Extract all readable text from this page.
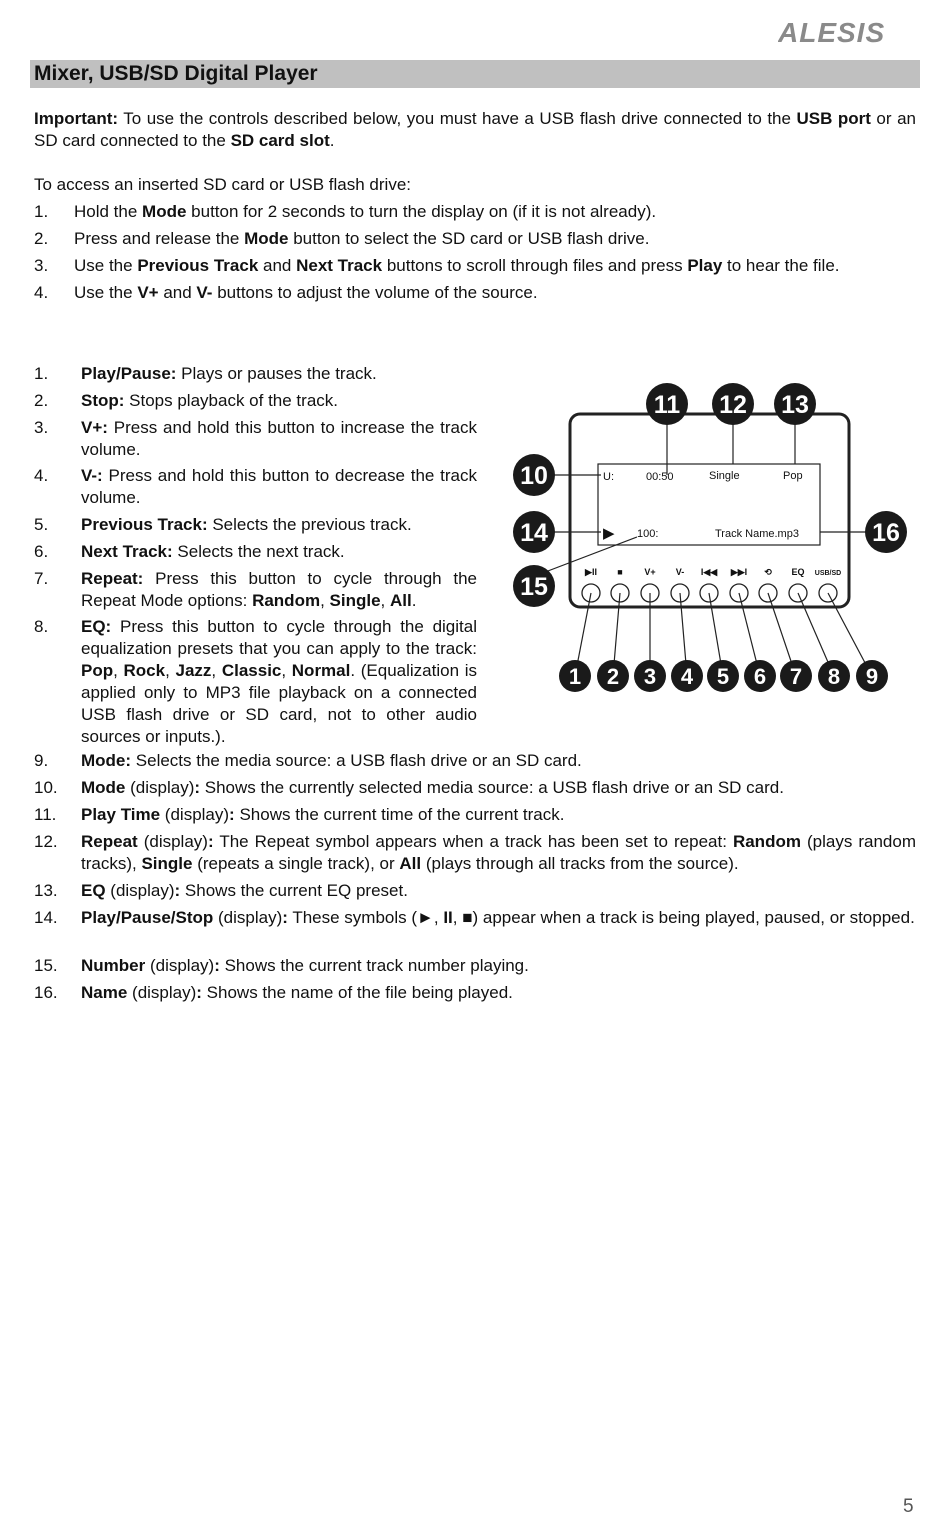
ALESIS
Mixer, USB/SD Digital Player
Important: To use the controls described below, you must have a USB flash drive connected to the USB port or an SD card connected to the SD card slot.
To access an inserted SD card or USB flash drive:
1.	Hold the Mode button for 2 seconds to turn the display on (if it is not already).
2.	Press and release the Mode button to select the SD card or USB flash drive.
3.	Use the Previous Track and Next Track buttons to scroll through files and press Play to hear the file.
4.	Use the V+ and V- buttons to adjust the volume of the source.
1.	Play/Pause: Plays or pauses the track.
2.	Stop: Stops playback of the track.
3.	V+: Press and hold this button to increase the track volume.
4.	V-: Press and hold this button to decrease the track volume.
5.	Previous Track: Selects the previous track.
6.	Next Track: Selects the next track.
7.	Repeat: Press this button to cycle through the Repeat Mode options: Random, Single, All.
8.	EQ: Press this button to cycle through the digital equalization presets that you can apply to the track: Pop, Rock, Jazz, Classic, Normal. (Equalization is applied only to MP3 file playback on a connected USB flash drive or SD card, not to other audio sources or inputs.).
9.	Mode: Selects the media source: a USB flash drive or an SD card.
10.	Mode (display): Shows the currently selected media source: a USB flash drive or an SD card.
11.	Play Time (display): Shows the current time of the current track.
12.	Repeat (display): The Repeat symbol appears when a track has been set to repeat: Random (plays random tracks), Single (repeats a single track), or All (plays through all tracks from the source).
13.	EQ (display): Shows the current EQ preset.
14.	Play/Pause/Stop (display): These symbols (►, II, ■) appear when a track is being played, paused, or stopped.
15.	Number (display): Shows the current track number playing.
16.	Name (display): Shows the name of the file being played.
U:	00:50	Single	Pop
▶ 100:	Track Name.mp3
▶II ■ V+ V- I◀◀ ▶▶I ⟲ EQ USB/SD
1 2 3 4 5 6 7 8 9
10
11 12 13
14
15
16
5
